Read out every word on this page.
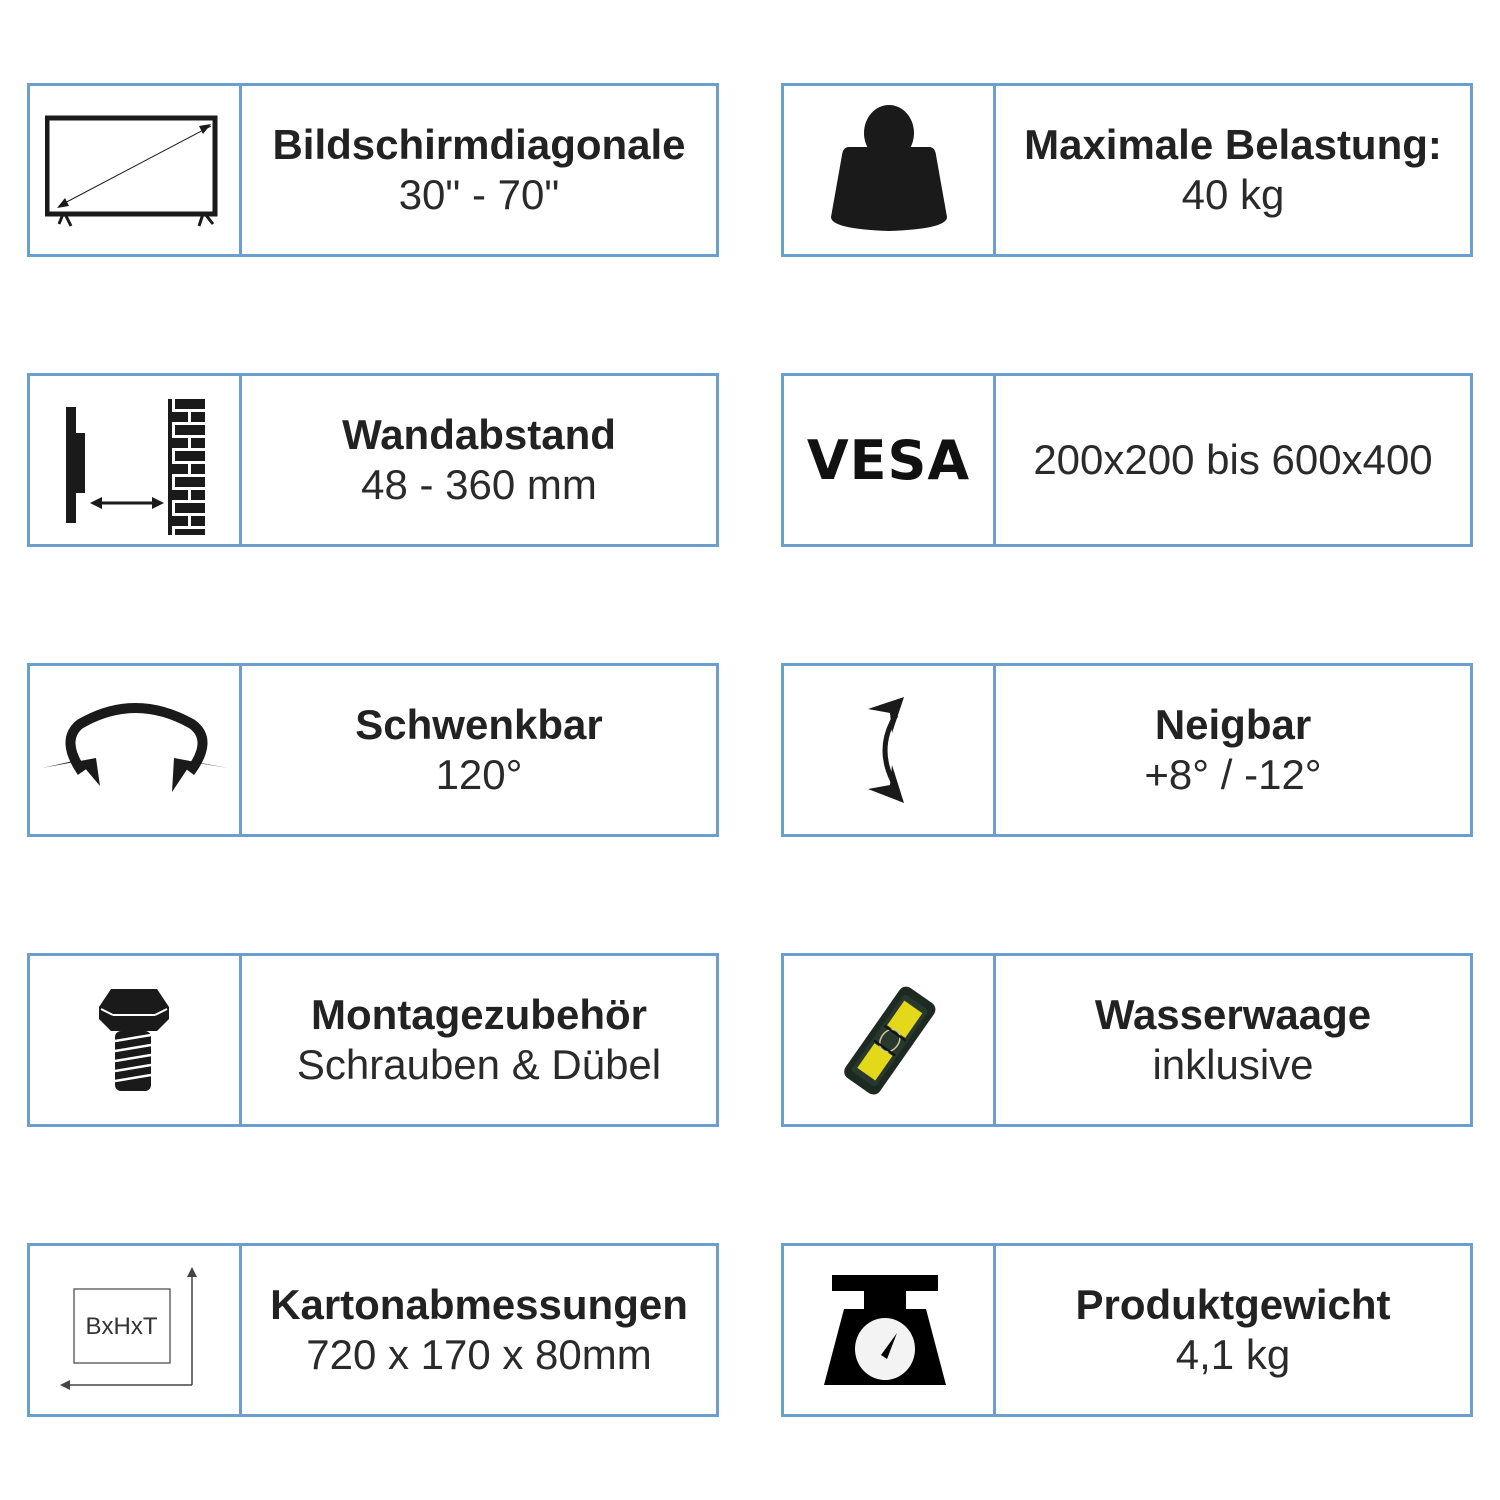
Bildschirmdiagonale
30" - 70"
Maximale Belastung:
40 kg
Wandabstand
48 - 360 mm	VESA 200x200 bis 600x400
Schwenkbar
120°
Neigbar
+8° / -12°
Montagezubehör
Schrauben & Dübel
Wasserwaage
inklusive
BxHxT	Kartonabmessungen
720 x 170 x 80mm
Produktgewicht
4,1 kg
